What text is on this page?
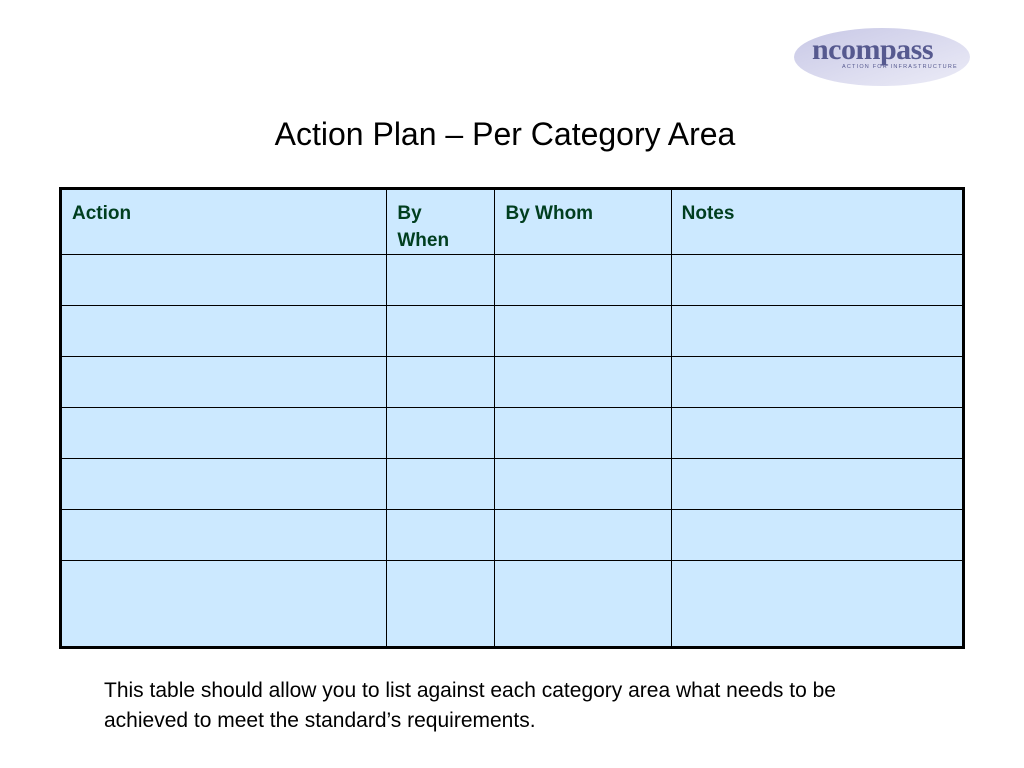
ncompass
ACTION FOR INFRASTRUCTURE
Action Plan – Per Category Area
Action	By When	By Whom	Notes

This table should allow you to list against each category area what needs to be achieved to meet the standard’s requirements.
